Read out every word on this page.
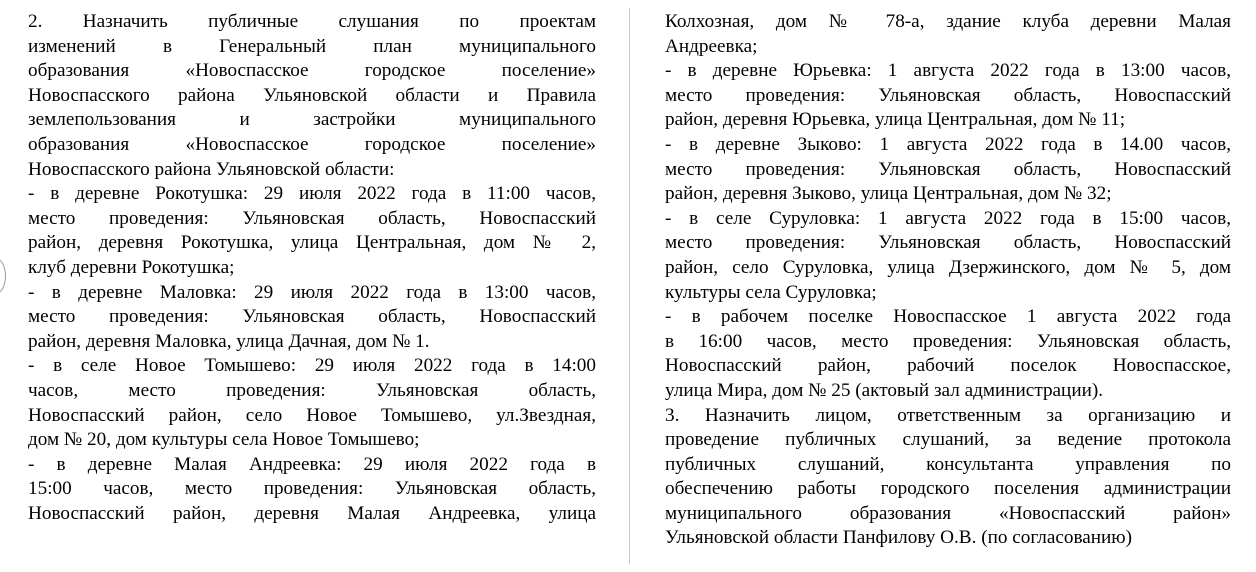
2. Назначить публичные слушания по проектам
изменений в Генеральный план муниципального
образования «Новоспасское городское поселение»
Новоспасского района Ульяновской области и Правила
землепользования и застройки муниципального
образования «Новоспасское городское поселение»
Новоспасского района Ульяновской области:
- в деревне Рокотушка: 29 июля 2022 года в 11:00 часов,
место проведения: Ульяновская область, Новоспасский
район, деревня Рокотушка, улица Центральная, дом № 2,
клуб деревни Рокотушка;
- в деревне Маловка: 29 июля 2022 года в 13:00 часов,
место проведения: Ульяновская область, Новоспасский
район, деревня Маловка, улица Дачная, дом № 1.
- в селе Новое Томышево: 29 июля 2022 года в 14:00
часов, место проведения: Ульяновская область,
Новоспасский район, село Новое Томышево, ул.Звездная,
дом № 20, дом культуры села Новое Томышево;
- в деревне Малая Андреевка: 29 июля 2022 года в
15:00 часов, место проведения: Ульяновская область,
Новоспасский район, деревня Малая Андреевка, улица
Колхозная, дом № 78-а, здание клуба деревни Малая
Андреевка;
- в деревне Юрьевка: 1 августа 2022 года в 13:00 часов,
место проведения: Ульяновская область, Новоспасский
район, деревня Юрьевка, улица Центральная, дом № 11;
- в деревне Зыково: 1 августа 2022 года в 14.00 часов,
место проведения: Ульяновская область, Новоспасский
район, деревня Зыково, улица Центральная, дом № 32;
- в селе Суруловка: 1 августа 2022 года в 15:00 часов,
место проведения: Ульяновская область, Новоспасский
район, село Суруловка, улица Дзержинского, дом № 5, дом
культуры села Суруловка;
- в рабочем поселке Новоспасское 1 августа 2022 года
в 16:00 часов, место проведения: Ульяновская область,
Новоспасский район, рабочий поселок Новоспасское,
улица Мира, дом № 25 (актовый зал администрации).
3. Назначить лицом, ответственным за организацию и
проведение публичных слушаний, за ведение протокола
публичных слушаний, консультанта управления по
обеспечению работы городского поселения администрации
муниципального образования «Новоспасский район»
Ульяновской области Панфилову О.В. (по согласованию)
